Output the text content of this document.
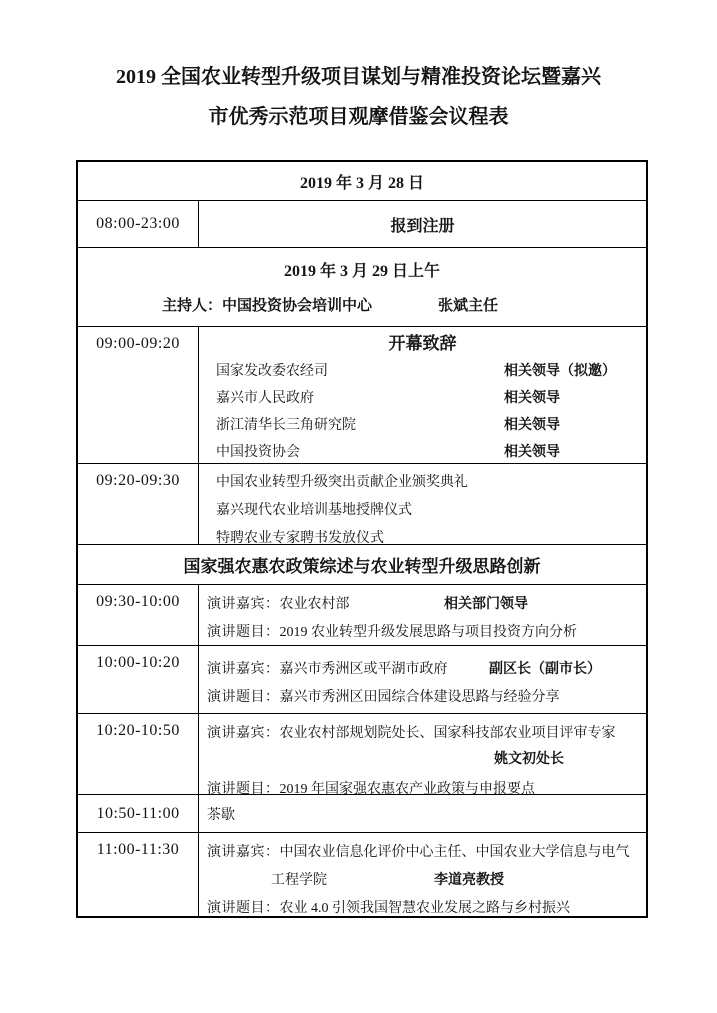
2019 全国农业转型升级项目谋划与精准投资论坛暨嘉兴
市优秀示范项目观摩借鉴会议程表
2019 年 3 月 28 日
08:00-23:00	报到注册
2019 年 3 月 29 日上午
主持人：中国投资协会培训中心	张斌主任
09:00-09:20	开幕致辞
国家发改委农经司	相关领导（拟邀）
嘉兴市人民政府	相关领导
浙江清华长三角研究院	相关领导
中国投资协会	相关领导
09:20-09:30	中国农业转型升级突出贡献企业颁奖典礼
嘉兴现代农业培训基地授牌仪式
特聘农业专家聘书发放仪式
国家强农惠农政策综述与农业转型升级思路创新
09:30-10:00	演讲嘉宾：农业农村部	相关部门领导
演讲题目：2019 农业转型升级发展思路与项目投资方向分析
10:00-10:20	演讲嘉宾：嘉兴市秀洲区或平湖市政府	副区长（副市长）
演讲题目：嘉兴市秀洲区田园综合体建设思路与经验分享
10:20-10:50	演讲嘉宾：农业农村部规划院处长、国家科技部农业项目评审专家
姚文初处长
演讲题目：2019 年国家强农惠农产业政策与申报要点
10:50-11:00	茶歇
11:00-11:30	演讲嘉宾：中国农业信息化评价中心主任、中国农业大学信息与电气
工程学院	李道亮教授
演讲题目：农业 4.0 引领我国智慧农业发展之路与乡村振兴
